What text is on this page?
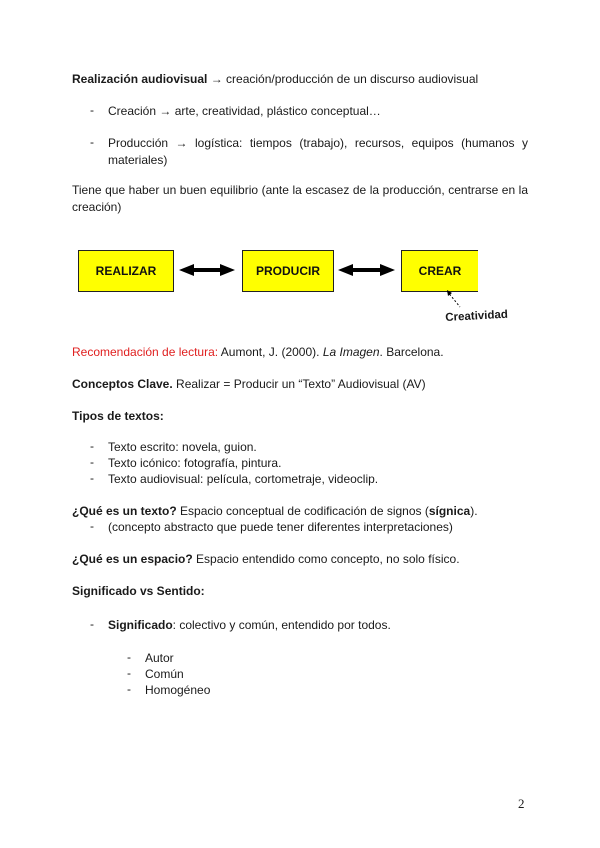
Realización audiovisual → creación/producción de un discurso audiovisual
- Creación → arte, creatividad, plástico conceptual…
- Producción → logística: tiempos (trabajo), recursos, equipos (humanos y materiales)
Tiene que haber un buen equilibrio (ante la escasez de la producción, centrarse en la creación)
REALIZAR	PRODUCIR	CREAR
Creatividad
Recomendación de lectura: Aumont, J. (2000). La Imagen. Barcelona.
Conceptos Clave. Realizar = Producir un “Texto” Audiovisual (AV)
Tipos de textos:
- Texto escrito: novela, guion.
- Texto icónico: fotografía, pintura.
- Texto audiovisual: película, cortometraje, videoclip.
¿Qué es un texto? Espacio conceptual de codificación de signos (sígnica).
- (concepto abstracto que puede tener diferentes interpretaciones)
¿Qué es un espacio? Espacio entendido como concepto, no solo físico.
Significado vs Sentido:
- Significado: colectivo y común, entendido por todos.
- Autor
- Común
- Homogéneo
2
